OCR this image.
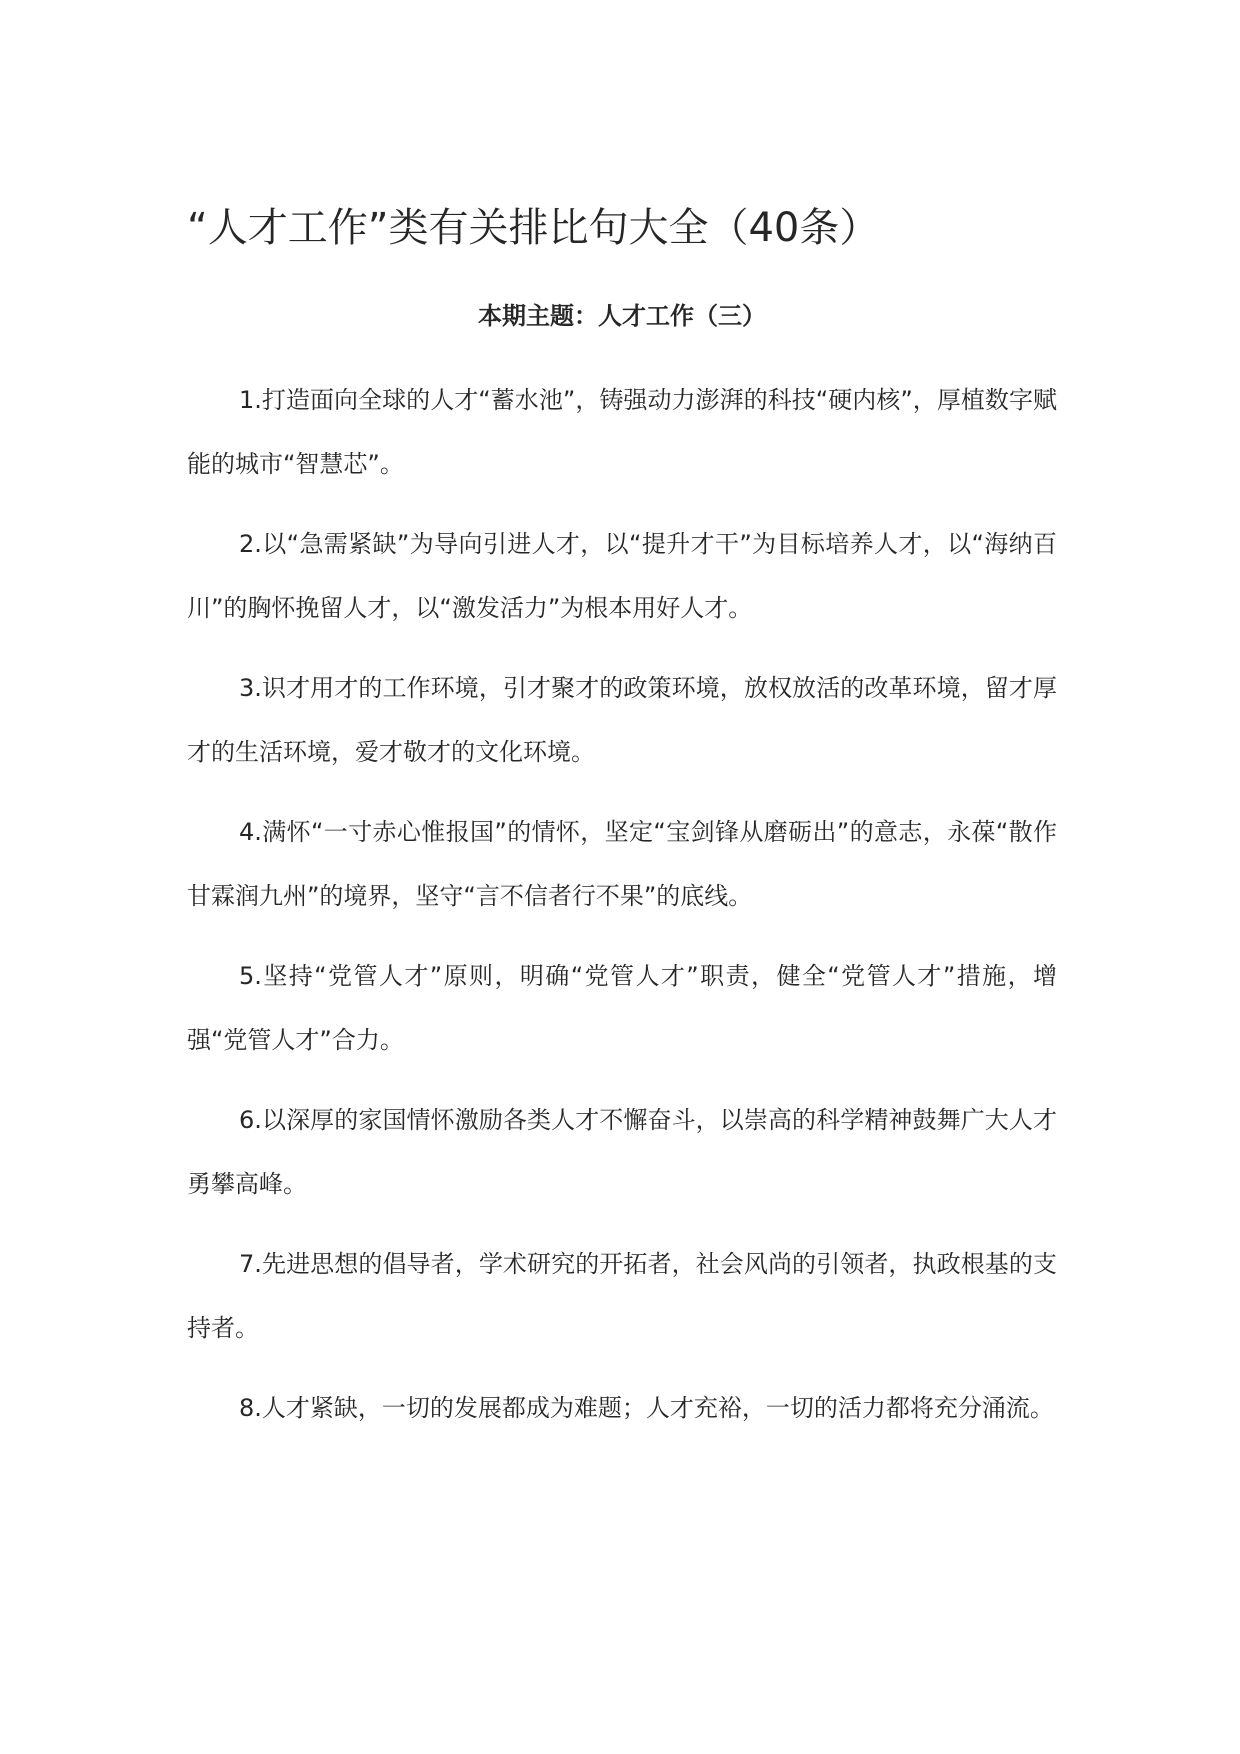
“人才工作”类有关排比句大全（40条）
本期主题：人才工作（三）
1.打造面向全球的人才“蓄水池”，铸强动力澎湃的科技“硬内核”，厚植数字赋能的城市“智慧芯”。
2.以“急需紧缺”为导向引进人才，以“提升才干”为目标培养人才，以“海纳百川”的胸怀挽留人才，以“激发活力”为根本用好人才。
3.识才用才的工作环境，引才聚才的政策环境，放权放活的改革环境，留才厚才的生活环境，爱才敬才的文化环境。
4.满怀“一寸赤心惟报国”的情怀，坚定“宝剑锋从磨砺出”的意志，永葆“散作甘霖润九州”的境界，坚守“言不信者行不果”的底线。
5.坚持“党管人才”原则，明确“党管人才”职责，健全“党管人才”措施，增强“党管人才”合力。
6.以深厚的家国情怀激励各类人才不懈奋斗，以崇高的科学精神鼓舞广大人才勇攀高峰。
7.先进思想的倡导者，学术研究的开拓者，社会风尚的引领者，执政根基的支持者。
8.人才紧缺，一切的发展都成为难题；人才充裕，一切的活力都将充分涌流。
